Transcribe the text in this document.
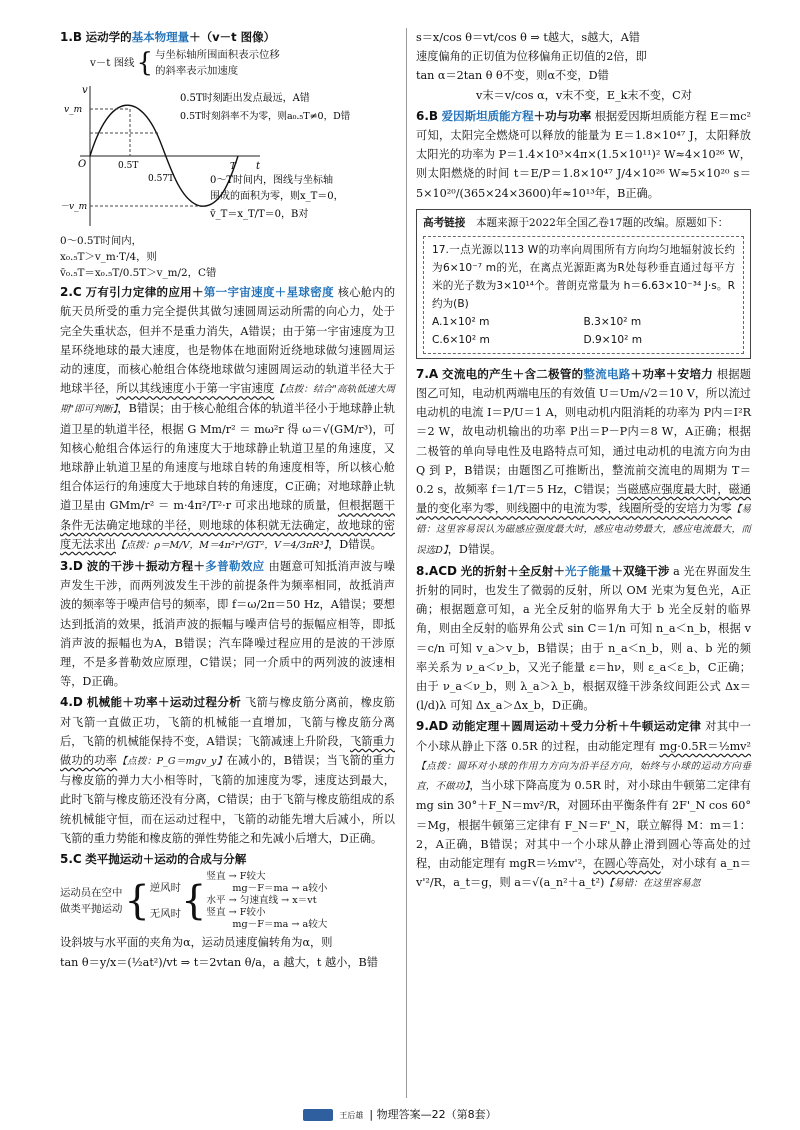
1.B 运动学的基本物理量＋（v－t 图像）

v－t 图线 { 与坐标轴所围面积表示位移
的斜率表示加速度
v
v_m
O
－v_m
t
T
0.5T
0.57T
0.5T时刻距出发点最远，A错
0.5T时刻斜率不为零，则a₀.₅T≠0，D错
0～T时间内，图线与坐标轴
围成的面积为零，则x_T＝0，
v̄_T＝x_T/T＝0，B对

0～0.5T时间内，

x₀.₅T＞v_m·T/4，则

v̄₀.₅T＝x₀.₅T/0.5T＞v_m/2，C错

2.C 万有引力定律的应用＋第一宇宙速度＋星球密度 核心舱内的航天员所受的重力完全提供其做匀速圆周运动所需的向心力，处于完全失重状态，但并不是重力消失，A错误；由于第一宇宙速度为卫星环绕地球的最大速度，也是物体在地面附近绕地球做匀速圆周运动的速度，而核心舱组合体绕地球做匀速圆周运动的轨道半径大于地球半径，所以其线速度小于第一宇宙速度【点拨：结合"高轨低速大周期"即可判断】，B错误；由于核心舱组合体的轨道半径小于地球静止轨道卫星的轨道半径，根据 G Mm/r² ＝ mω²r 得 ω＝√(GM/r³)，可知核心舱组合体运行的角速度大于地球静止轨道卫星的角速度，又地球静止轨道卫星的角速度与地球自转的角速度相等，所以核心舱组合体运行的角速度大于地球自转的角速度，C正确；对地球静止轨道卫星由 GMm/r² ＝ m·4π²/T²·r 可求出地球的质量，但根据题干条件无法确定地球的半径，则地球的体积就无法确定，故地球的密度无法求出【点拨：ρ＝M/V，M＝4π²r³/GT²，V＝4/3πR³】，D错误。

3.D 波的干涉＋振动方程＋多普勒效应 由题意可知抵消声波与噪声发生干涉，而两列波发生干涉的前提条件为频率相同，故抵消声波的频率等于噪声信号的频率，即 f＝ω/2π＝50 Hz，A错误；要想达到抵消的效果，抵消声波的振幅与噪声信号的振幅应相等，即抵消声波的振幅也为A，B错误；汽车降噪过程应用的是波的干涉原理，不是多普勒效应原理，C错误；同一介质中的两列波的波速相等，D正确。

4.D 机械能＋功率＋运动过程分析 飞箭与橡皮筋分离前，橡皮筋对飞箭一直做正功，飞箭的机械能一直增加，飞箭与橡皮筋分离后，飞箭的机械能保持不变，A错误；飞箭减速上升阶段，飞箭重力做功的功率【点拨：P_G＝mgv_y】在减小的，B错误；当飞箭的重力与橡皮筋的弹力大小相等时，飞箭的加速度为零，速度达到最大，此时飞箭与橡皮筋还没有分离，C错误；由于飞箭与橡皮筋组成的系统机械能守恒，而在运动过程中，飞箭的动能先增大后减小，所以飞箭的重力势能和橡皮筋的弹性势能之和先减小后增大，D正确。

5.C 类平抛运动＋运动的合成与分解

运动员在空中
做类平抛运动 { 逆风时
无风时 {
竖直 → F较大
mg－F＝ma → a较小
水平 → 匀速直线 → x＝vt
竖直 → F较小
mg－F＝ma → a较大

设斜坡与水平面的夹角为α，运动员速度偏转角为α，则

tan θ＝y/x＝(½at²)/vt ⇒ t＝2vtan θ/a，a 越大，t 越小，B错

s＝x/cos θ＝vt/cos θ ⇒ t越大，s越大，A错

速度偏角的正切值为位移偏角正切值的2倍，即

tan α＝2tan θ θ不变，则α不变，D错

v末＝v/cos α，v末不变，E_k末不变，C对

6.B 爱因斯坦质能方程＋功与功率 根据爱因斯坦质能方程 E＝mc² 可知，太阳完全燃烧可以释放的能量为 E＝1.8×10⁴⁷ J，太阳释放太阳光的功率为 P＝1.4×10³×4π×(1.5×10¹¹)² W≈4×10²⁶ W，则太阳燃烧的时间 t＝E/P＝1.8×10⁴⁷ J/4×10²⁶ W≈5×10²⁰ s＝5×10²⁰/(365×24×3600)年≈10¹³年，B正确。

高考链接　 本题来源于2022年全国乙卷17题的改编。原题如下：

17.一点光源以113 W的功率向周围所有方向均匀地辐射波长约为6×10⁻⁷ m的光，在离点光源距离为R处每秒垂直通过每平方米的光子数为3×10¹⁴个。普朗克常量为 h＝6.63×10⁻³⁴ J·s。R约为(B)

A.1×10² m	B.3×10² m
C.6×10² m	D.9×10² m

7.A 交流电的产生＋含二极管的整流电路＋功率＋安培力 根据题图乙可知，电动机两端电压的有效值 U＝Um/√2＝10 V，所以流过电动机的电流 I＝P/U＝1 A，则电动机内阻消耗的功率为 P内＝I²R＝2 W，故电动机输出的功率 P出＝P－P内＝8 W，A正确；根据二极管的单向导电性及电路特点可知，通过电动机的电流方向为由 Q 到 P，B错误；由题图乙可推断出，整流前交流电的周期为 T＝0.2 s，故频率 f＝1/T＝5 Hz，C错误；当磁感应强度最大时，磁通量的变化率为零，则线圈中的电流为零，线圈所受的安培力为零【易错：这里容易误认为磁感应强度最大时，感应电动势最大，感应电流最大，而误选D】，D错误。

8.ACD 光的折射＋全反射＋光子能量＋双缝干涉 a 光在界面发生折射的同时，也发生了微弱的反射，所以 OM 光束为复色光，A正确；根据题意可知，a 光全反射的临界角大于 b 光全反射的临界角，则由全反射的临界角公式 sin C＝1/n 可知 n_a＜n_b，根据 v＝c/n 可知 v_a＞v_b，B错误；由于 n_a＜n_b，则 a、b 光的频率关系为 ν_a＜ν_b，又光子能量 ε＝hν，则 ε_a＜ε_b，C正确；由于 ν_a＜ν_b，则 λ_a＞λ_b，根据双缝干涉条纹间距公式 Δx＝(l/d)λ 可知 Δx_a＞Δx_b，D正确。

9.AD 动能定理＋圆周运动＋受力分析＋牛顿运动定律 对其中一个小球从静止下落 0.5R 的过程，由动能定理有 mg·0.5R＝½mv²【点拨：圆环对小球的作用力方向为沿半径方向，始终与小球的运动方向垂直，不做功】，当小球下降高度为 0.5R 时，对小球由牛顿第二定律有 mg sin 30°＋F_N＝mv²/R，对圆环由平衡条件有 2F'_N cos 60°＝Mg，根据牛顿第三定律有 F_N＝F'_N，联立解得 M：m＝1：2，A正确，B错误；对其中一个小球从静止滑到圆心等高处的过程，由动能定理有 mgR＝½mv'²，在圆心等高处，对小球有 a_n＝v'²/R，a_t＝g，则 a＝√(a_n²＋a_t²)【易错：在这里容易忽

王后雄 | 物理答案—22（第8套）
